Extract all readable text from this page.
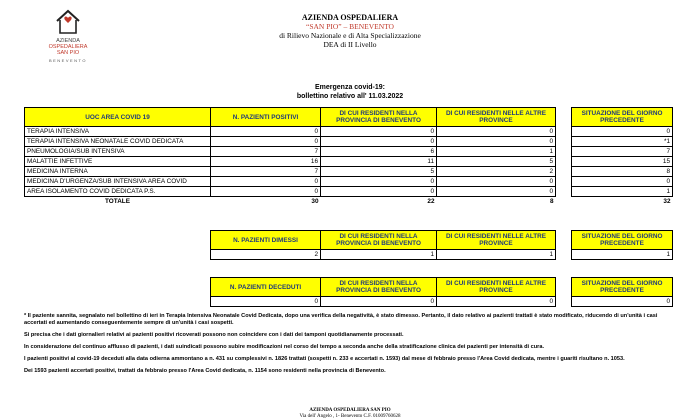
AZIENDA
OSPEDALIERA
SAN PIO
BENEVENTO
AZIENDA OSPEDALIERA
“SAN PIO” – BENEVENTO
di Rilievo Nazionale e di Alta Specializzazione
DEA di II Livello
Emergenza covid-19:
bollettino relativo all' 11.03.2022
UOC AREA COVID 19	N. PAZIENTI POSITIVI	DI CUI RESIDENTI NELLA PROVINCIA DI BENEVENTO	DI CUI RESIDENTI NELLE ALTRE PROVINCE		SITUAZIONE DEL GIORNO PRECEDENTE
TERAPIA INTENSIVA	0	0	0		0
TERAPIA INTENSIVA NEONATALE COVID DEDICATA	0	0	0		*1
PNEUMOLOGIA/SUB INTENSIVA	7	6	1		7
MALATTIE INFETTIVE	16	11	5		15
MEDICINA INTERNA	7	5	2		8
MEDICINA D'URGENZA/SUB INTENSIVA AREA COVID	0	0	0		0
AREA ISOLAMENTO COVID DEDICATA P.S.	0	0	0		1
TOTALE	30	22	8		32
N. PAZIENTI DIMESSI	DI CUI RESIDENTI NELLA PROVINCIA DI BENEVENTO	DI CUI RESIDENTI NELLE ALTRE PROVINCE		SITUAZIONE DEL GIORNO PRECEDENTE
2	1	1		1
N. PAZIENTI DECEDUTI	DI CUI RESIDENTI NELLA PROVINCIA DI BENEVENTO	DI CUI RESIDENTI NELLE ALTRE PROVINCE		SITUAZIONE DEL GIORNO PRECEDENTE
0	0	0		0

* Il paziente sannita, segnalato nel bollettino di ieri in Terapia Intensiva Neonatale Covid Dedicata, dopo una verifica della negatività, è stato dimesso. Pertanto, il dato relativo ai pazienti trattati è stato modificato, riducendo di un'unità i casi accertati ed aumentando conseguentemente sempre di un'unità i casi sospetti.

Si precisa che i dati giornalieri relativi ai pazienti positivi ricoverati possono non coincidere con i dati dei tamponi quotidianamente processati.

In considerazione del continuo afflusso di pazienti, i dati suindicati possono subire modificazioni nel corso del tempo a seconda anche della stratificazione clinica dei pazienti per intensità di cura.

I pazienti positivi al covid-19 deceduti alla data odierna ammontano a n. 431 su complessivi n. 1826 trattati (sospetti n. 233 e accertati n. 1593) dal mese di febbraio presso l'Area Covid dedicata, mentre i guariti risultano n. 1053.

Dei 1593 pazienti accertati positivi, trattati da febbraio presso l'Area Covid dedicata, n. 1154 sono residenti nella provincia di Benevento.

AZIENDA OSPEDALIERA SAN PIO
Via dell' Angelo , 1- Benevento C.F. 01009760628
